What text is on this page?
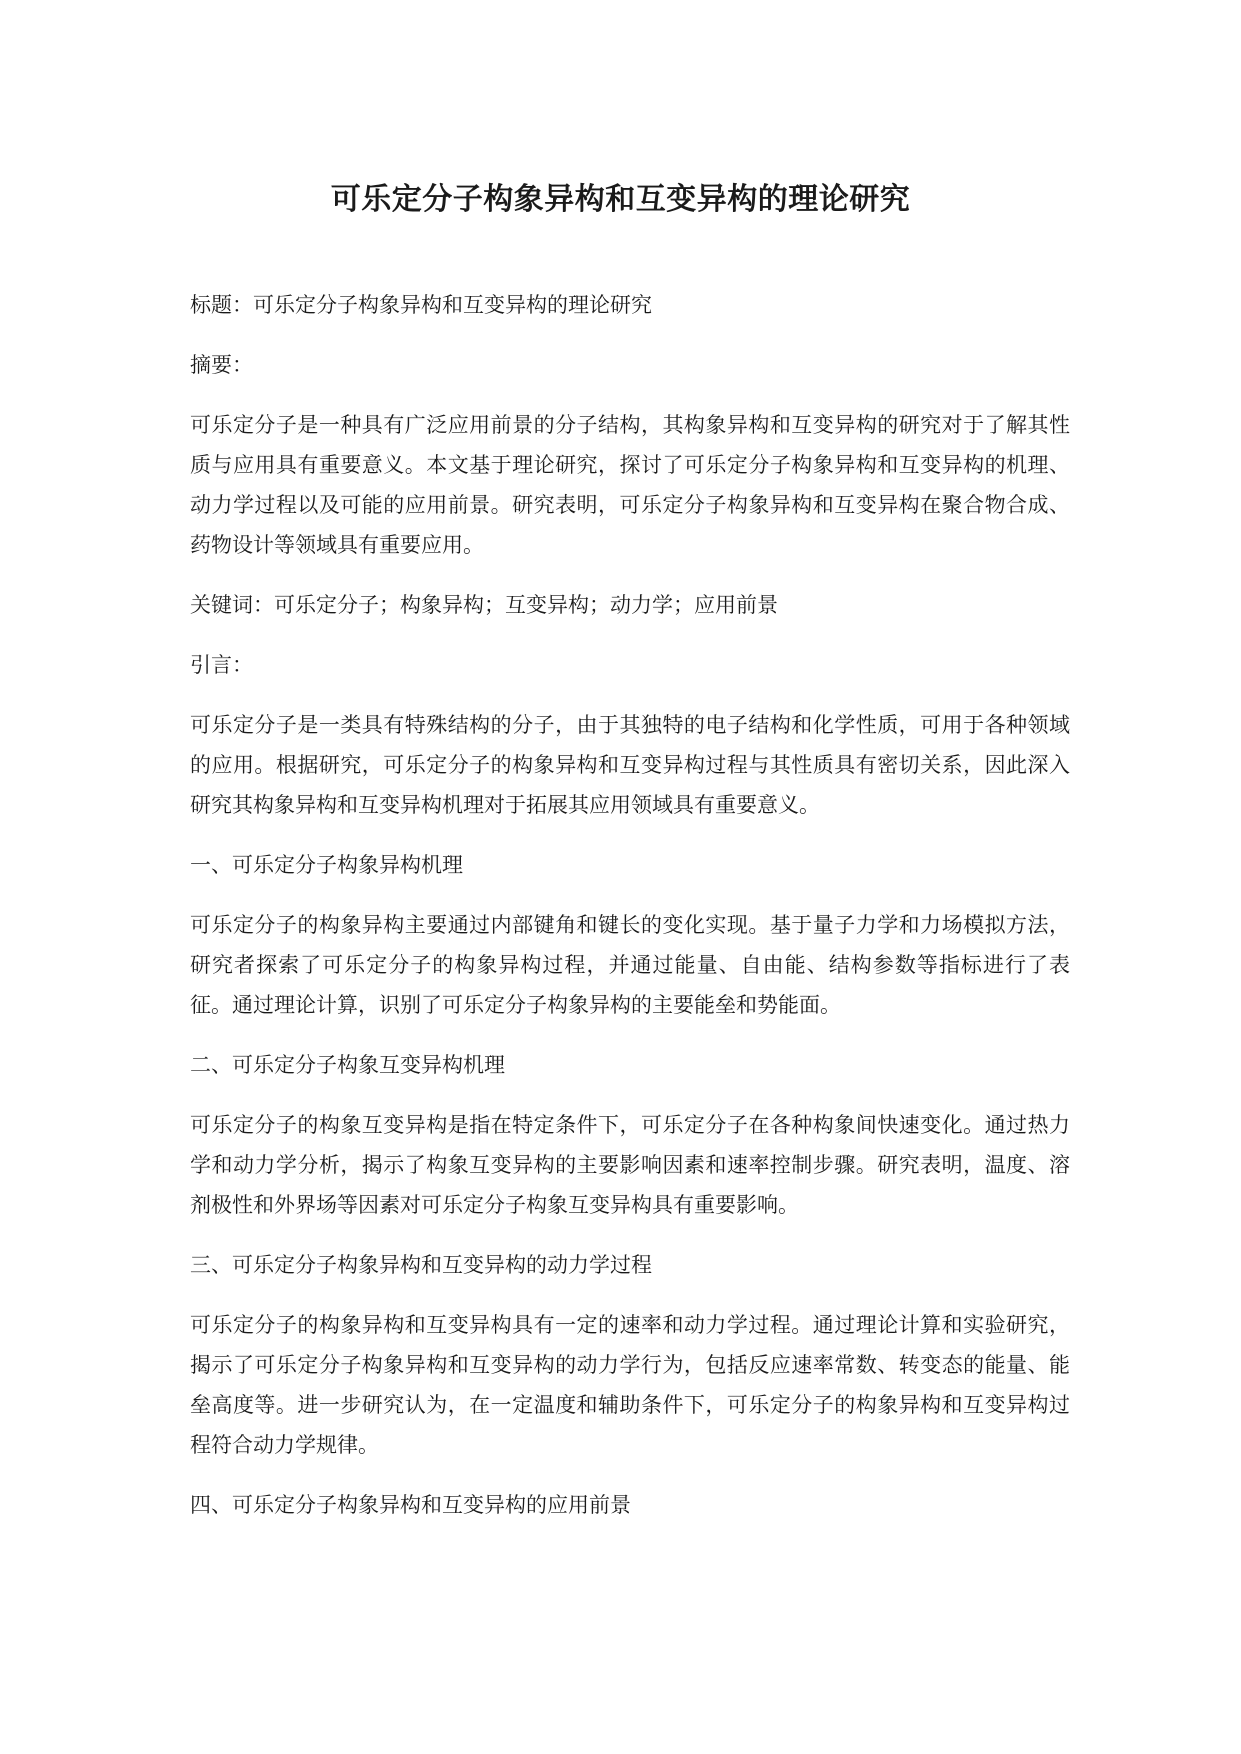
可乐定分子构象异构和互变异构的理论研究

标题：可乐定分子构象异构和互变异构的理论研究

摘要：

可乐定分子是一种具有广泛应用前景的分子结构，其构象异构和互变异构的研究对于了解其性质与应用具有重要意义。本文基于理论研究，探讨了可乐定分子构象异构和互变异构的机理、动力学过程以及可能的应用前景。研究表明，可乐定分子构象异构和互变异构在聚合物合成、药物设计等领域具有重要应用。

关键词：可乐定分子；构象异构；互变异构；动力学；应用前景

引言：

可乐定分子是一类具有特殊结构的分子，由于其独特的电子结构和化学性质，可用于各种领域的应用。根据研究，可乐定分子的构象异构和互变异构过程与其性质具有密切关系，因此深入研究其构象异构和互变异构机理对于拓展其应用领域具有重要意义。

一、可乐定分子构象异构机理

可乐定分子的构象异构主要通过内部键角和键长的变化实现。基于量子力学和力场模拟方法，研究者探索了可乐定分子的构象异构过程，并通过能量、自由能、结构参数等指标进行了表征。通过理论计算，识别了可乐定分子构象异构的主要能垒和势能面。

二、可乐定分子构象互变异构机理

可乐定分子的构象互变异构是指在特定条件下，可乐定分子在各种构象间快速变化。通过热力学和动力学分析，揭示了构象互变异构的主要影响因素和速率控制步骤。研究表明，温度、溶剂极性和外界场等因素对可乐定分子构象互变异构具有重要影响。

三、可乐定分子构象异构和互变异构的动力学过程

可乐定分子的构象异构和互变异构具有一定的速率和动力学过程。通过理论计算和实验研究，揭示了可乐定分子构象异构和互变异构的动力学行为，包括反应速率常数、转变态的能量、能垒高度等。进一步研究认为，在一定温度和辅助条件下，可乐定分子的构象异构和互变异构过程符合动力学规律。

四、可乐定分子构象异构和互变异构的应用前景
